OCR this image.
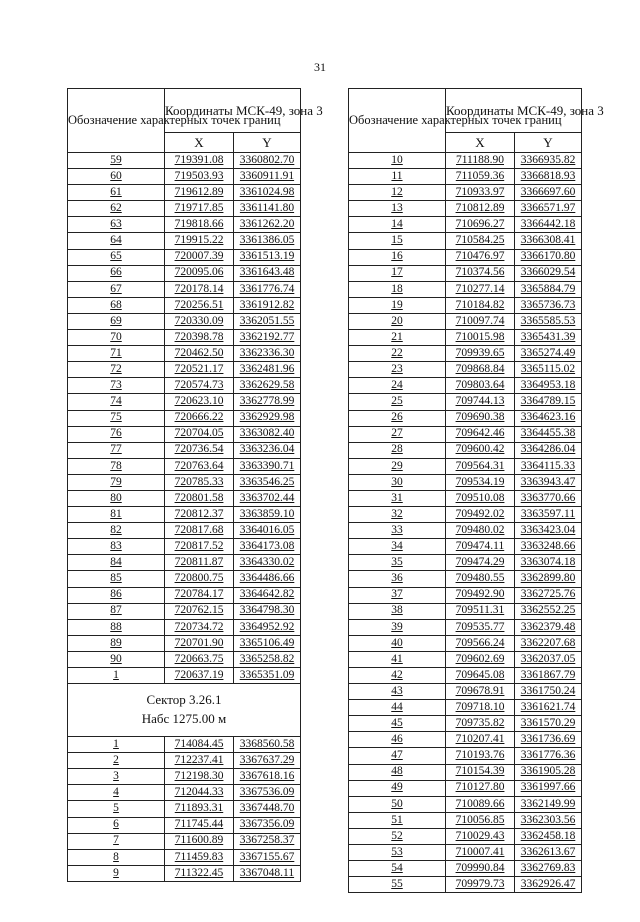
31
Обозначение характерных точек границ	Координаты МСК-49, зона 3	
	X	Y
59	719391.08	3360802.70
60	719503.93	3360911.91
61	719612.89	3361024.98
62	719717.85	3361141.80
63	719818.66	3361262.20
64	719915.22	3361386.05
65	720007.39	3361513.19
66	720095.06	3361643.48
67	720178.14	3361776.74
68	720256.51	3361912.82
69	720330.09	3362051.55
70	720398.78	3362192.77
71	720462.50	3362336.30
72	720521.17	3362481.96
73	720574.73	3362629.58
74	720623.10	3362778.99
75	720666.22	3362929.98
76	720704.05	3363082.40
77	720736.54	3363236.04
78	720763.64	3363390.71
79	720785.33	3363546.25
80	720801.58	3363702.44
81	720812.37	3363859.10
82	720817.68	3364016.05
83	720817.52	3364173.08
84	720811.87	3364330.02
85	720800.75	3364486.66
86	720784.17	3364642.82
87	720762.15	3364798.30
88	720734.72	3364952.92
89	720701.90	3365106.49
90	720663.75	3365258.82
1	720637.19	3365351.09

Сектор 3.26.1
Набс 1275.00 м		

1	714084.45	3368560.58
2	712237.41	3367637.29
3	712198.30	3367618.16
4	712044.33	3367536.09
5	711893.31	3367448.70
6	711745.44	3367356.09
7	711600.89	3367258.37
8	711459.83	3367155.67
9	711322.45	3367048.11
Обозначение характерных точек границ	Координаты МСК-49, зона 3	
	X	Y
10	711188.90	3366935.82
11	711059.36	3366818.93
12	710933.97	3366697.60
13	710812.89	3366571.97
14	710696.27	3366442.18
15	710584.25	3366308.41
16	710476.97	3366170.80
17	710374.56	3366029.54
18	710277.14	3365884.79
19	710184.82	3365736.73
20	710097.74	3365585.53
21	710015.98	3365431.39
22	709939.65	3365274.49
23	709868.84	3365115.02
24	709803.64	3364953.18
25	709744.13	3364789.15
26	709690.38	3364623.16
27	709642.46	3364455.38
28	709600.42	3364286.04
29	709564.31	3364115.33
30	709534.19	3363943.47
31	709510.08	3363770.66
32	709492.02	3363597.11
33	709480.02	3363423.04
34	709474.11	3363248.66
35	709474.29	3363074.18
36	709480.55	3362899.80
37	709492.90	3362725.76
38	709511.31	3362552.25
39	709535.77	3362379.48
40	709566.24	3362207.68
41	709602.69	3362037.05
42	709645.08	3361867.79
43	709678.91	3361750.24
44	709718.10	3361621.74
45	709735.82	3361570.29
46	710207.41	3361736.69
47	710193.76	3361776.36
48	710154.39	3361905.28
49	710127.80	3361997.66
50	710089.66	3362149.99
51	710056.85	3362303.56
52	710029.43	3362458.18
53	710007.41	3362613.67
54	709990.84	3362769.83
55	709979.73	3362926.47
